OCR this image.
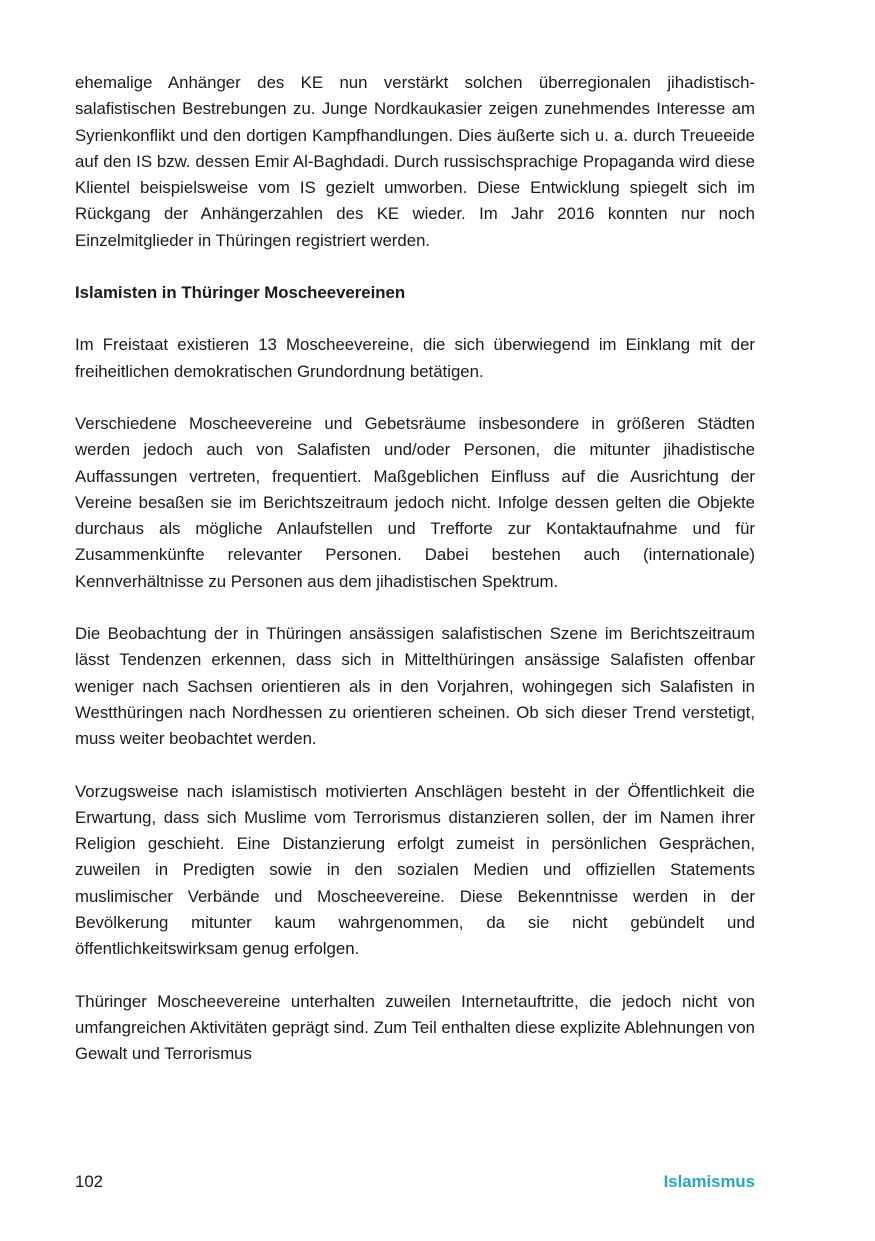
ehemalige Anhänger des KE nun verstärkt solchen überregionalen jihadistisch-salafistischen Bestrebungen zu. Junge Nordkaukasier zeigen zunehmendes Interesse am Syrienkonflikt und den dortigen Kampfhandlungen. Dies äußerte sich u. a. durch Treueeide auf den IS bzw. dessen Emir Al-Baghdadi. Durch russischsprachige Propaganda wird diese Klientel beispielsweise vom IS gezielt umworben. Diese Entwicklung spiegelt sich im Rückgang der Anhängerzahlen des KE wieder. Im Jahr 2016 konnten nur noch Einzelmitglieder in Thüringen registriert werden.

Islamisten in Thüringer Moscheevereinen

Im Freistaat existieren 13 Moscheevereine, die sich überwiegend im Einklang mit der freiheitlichen demokratischen Grundordnung betätigen.

Verschiedene Moscheevereine und Gebetsräume insbesondere in größeren Städten werden jedoch auch von Salafisten und/oder Personen, die mitunter jihadistische Auffassungen vertreten, frequentiert. Maßgeblichen Einfluss auf die Ausrichtung der Vereine besaßen sie im Berichtszeitraum jedoch nicht. Infolge dessen gelten die Objekte durchaus als mögliche Anlaufstellen und Trefforte zur Kontaktaufnahme und für Zusammenkünfte relevanter Personen. Dabei bestehen auch (internationale) Kennverhältnisse zu Personen aus dem jihadistischen Spektrum.

Die Beobachtung der in Thüringen ansässigen salafistischen Szene im Berichtszeitraum lässt Tendenzen erkennen, dass sich in Mittelthüringen ansässige Salafisten offenbar weniger nach Sachsen orientieren als in den Vorjahren, wohingegen sich Salafisten in Westthüringen nach Nordhessen zu orientieren scheinen. Ob sich dieser Trend verstetigt, muss weiter beobachtet werden.

Vorzugsweise nach islamistisch motivierten Anschlägen besteht in der Öffentlichkeit die Erwartung, dass sich Muslime vom Terrorismus distanzieren sollen, der im Namen ihrer Religion geschieht. Eine Distanzierung erfolgt zumeist in persönlichen Gesprächen, zuweilen in Predigten sowie in den sozialen Medien und offiziellen Statements muslimischer Verbände und Moscheevereine. Diese Bekenntnisse werden in der Bevölkerung mitunter kaum wahrgenommen, da sie nicht gebündelt und öffentlichkeitswirksam genug erfolgen.

Thüringer Moscheevereine unterhalten zuweilen Internetauftritte, die jedoch nicht von umfangreichen Aktivitäten geprägt sind. Zum Teil enthalten diese explizite Ablehnungen von Gewalt und Terrorismus

102	Islamismus
